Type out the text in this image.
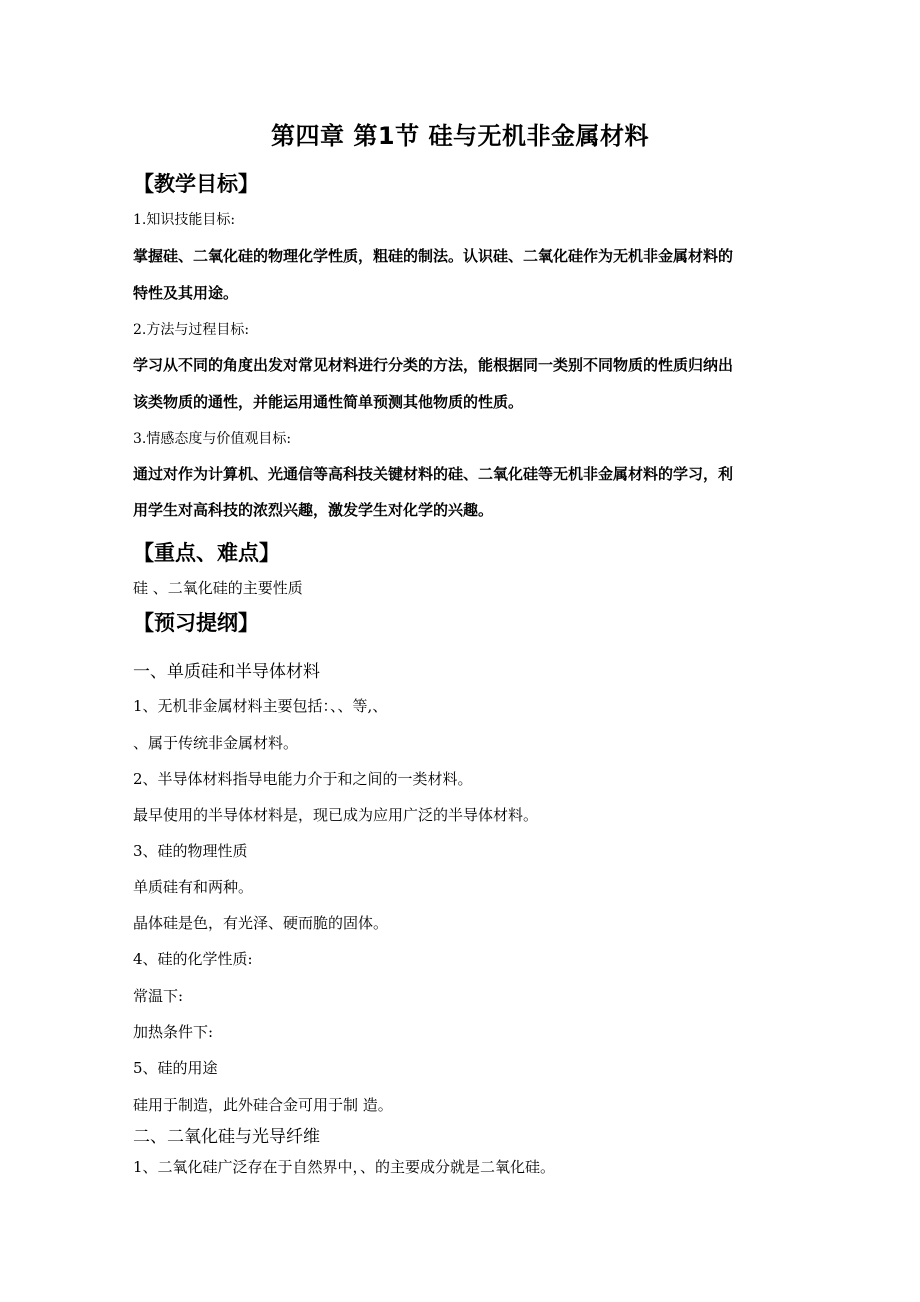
第四章 第1节 硅与无机非金属材料
【教学目标】
1.知识技能目标:
掌握硅、二氧化硅的物理化学性质，粗硅的制法。认识硅、二氧化硅作为无机非金属材料的
特性及其用途。
2.方法与过程目标:
学习从不同的角度出发对常见材料进行分类的方法，能根据同一类别不同物质的性质归纳出
该类物质的通性，并能运用通性简单预测其他物质的性质。
3.情感态度与价值观目标:
通过对作为计算机、光通信等高科技关键材料的硅、二氧化硅等无机非金属材料的学习，利
用学生对高科技的浓烈兴趣，激发学生对化学的兴趣。
【重点、难点】
硅 、二氧化硅的主要性质
【预习提纲】
一、单质硅和半导体材料
1、无机非金属材料主要包括：、、等,、
、属于传统非金属材料。
2、半导体材料指导电能力介于和之间的一类材料。
最早使用的半导体材料是，现已成为应用广泛的半导体材料。
3、硅的物理性质
单质硅有和两种。
晶体硅是色，有光泽、硬而脆的固体。
4、硅的化学性质:
常温下:
加热条件下:
5、硅的用途
硅用于制造，此外硅合金可用于制 造。
二、二氧化硅与光导纤维
1、二氧化硅广泛存在于自然界中，、的主要成分就是二氧化硅。
